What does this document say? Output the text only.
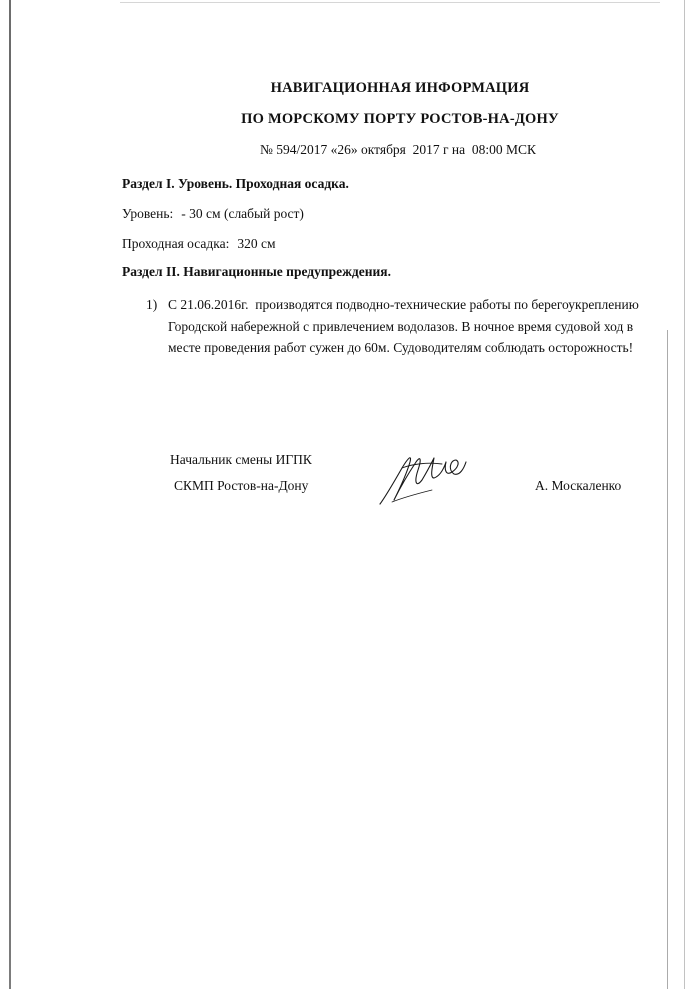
НАВИГАЦИОННАЯ ИНФОРМАЦИЯ
ПО МОРСКОМУ ПОРТУ РОСТОВ-НА-ДОНУ
№ 594/2017 «26» октября  2017 г на  08:00 МСК
Раздел I. Уровень. Проходная осадка.
Уровень: - 30 см (слабый рост)
Проходная осадка: 320 см
Раздел II. Навигационные предупреждения.
1) С 21.06.2016г.  производятся подводно-технические работы по берегоукреплению Городской набережной с привлечением водолазов. В ночное время судовой ход в месте проведения работ сужен до 60м. Судоводителям соблюдать осторожность!
Начальник смены ИГПК
СКМП Ростов-на-Дону	А. Москаленко
